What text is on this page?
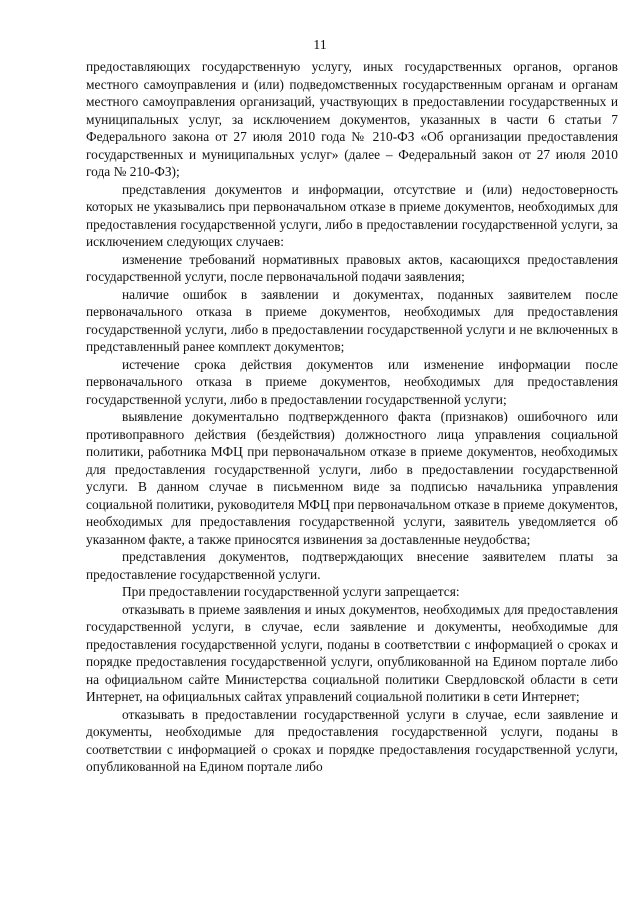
11

предоставляющих государственную услугу, иных государственных органов, органов местного самоуправления и (или) подведомственных государственным органам и органам местного самоуправления организаций, участвующих в предоставлении государственных и муниципальных услуг, за исключением документов, указанных в части 6 статьи 7 Федерального закона от 27 июля 2010 года № 210-ФЗ «Об организации предоставления государственных и муниципальных услуг» (далее – Федеральный закон от 27 июля 2010 года № 210-ФЗ);

представления документов и информации, отсутствие и (или) недостоверность которых не указывались при первоначальном отказе в приеме документов, необходимых для предоставления государственной услуги, либо в предоставлении государственной услуги, за исключением следующих случаев:

изменение требований нормативных правовых актов, касающихся предоставления государственной услуги, после первоначальной подачи заявления;

наличие ошибок в заявлении и документах, поданных заявителем после первоначального отказа в приеме документов, необходимых для предоставления государственной услуги, либо в предоставлении государственной услуги и не включенных в представленный ранее комплект документов;

истечение срока действия документов или изменение информации после первоначального отказа в приеме документов, необходимых для предоставления государственной услуги, либо в предоставлении государственной услуги;

выявление документально подтвержденного факта (признаков) ошибочного или противоправного действия (бездействия) должностного лица управления социальной политики, работника МФЦ при первоначальном отказе в приеме документов, необходимых для предоставления государственной услуги, либо в предоставлении государственной услуги. В данном случае в письменном виде за подписью начальника управления социальной политики, руководителя МФЦ при первоначальном отказе в приеме документов, необходимых для предоставления государственной услуги, заявитель уведомляется об указанном факте, а также приносятся извинения за доставленные неудобства;

представления документов, подтверждающих внесение заявителем платы за предоставление государственной услуги.

При предоставлении государственной услуги запрещается:

отказывать в приеме заявления и иных документов, необходимых для предоставления государственной услуги, в случае, если заявление и документы, необходимые для предоставления государственной услуги, поданы в соответствии с информацией о сроках и порядке предоставления государственной услуги, опубликованной на Едином портале либо на официальном сайте Министерства социальной политики Свердловской области в сети Интернет, на официальных сайтах управлений социальной политики в сети Интернет;

отказывать в предоставлении государственной услуги в случае, если заявление и документы, необходимые для предоставления государственной услуги, поданы в соответствии с информацией о сроках и порядке предоставления государственной услуги, опубликованной на Едином портале либо
